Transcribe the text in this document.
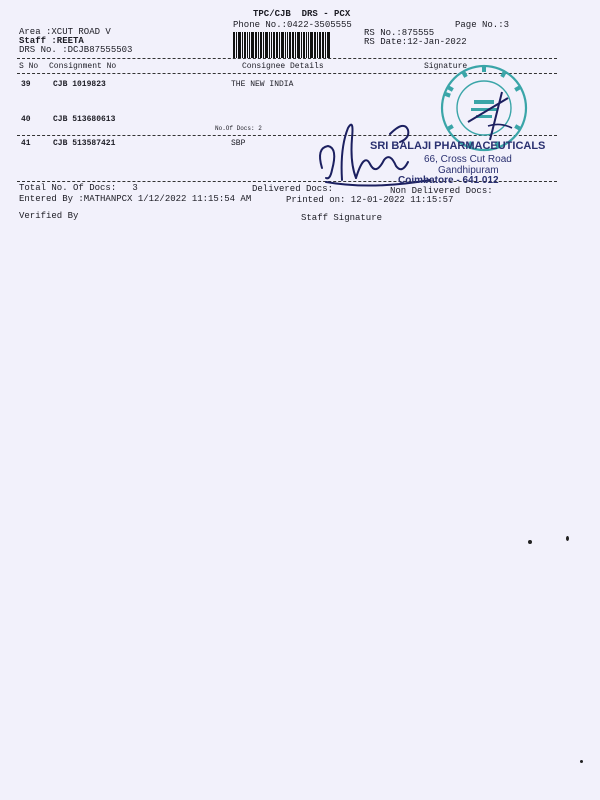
TPC/CJB  DRS - PCX
Phone No.:0422-3505555	Page No.:3
Area :XCUT ROAD V
Staff :REETA
DRS No. :DCJB87555503
RS No.:875555
RS Date:12-Jan-2022
S No Consignment No	Consignee Details	Signature
39	CJB 1019823	THE NEW INDIA
40	CJB 513680613
No.Of Docs: 2
41	CJB 513587421	SBP
Total No. Of Docs:   3	Delivered Docs:	Non Delivered Docs:
Entered By :MATHANPCX 1/12/2022 11:15:54 AM	Printed on: 12-01-2022 11:15:57
Verified By	Staff Signature
SRI BALAJI PHARMACEUTICALS
66, Cross Cut Road
Gandhipuram
Coimbatore - 641 012
